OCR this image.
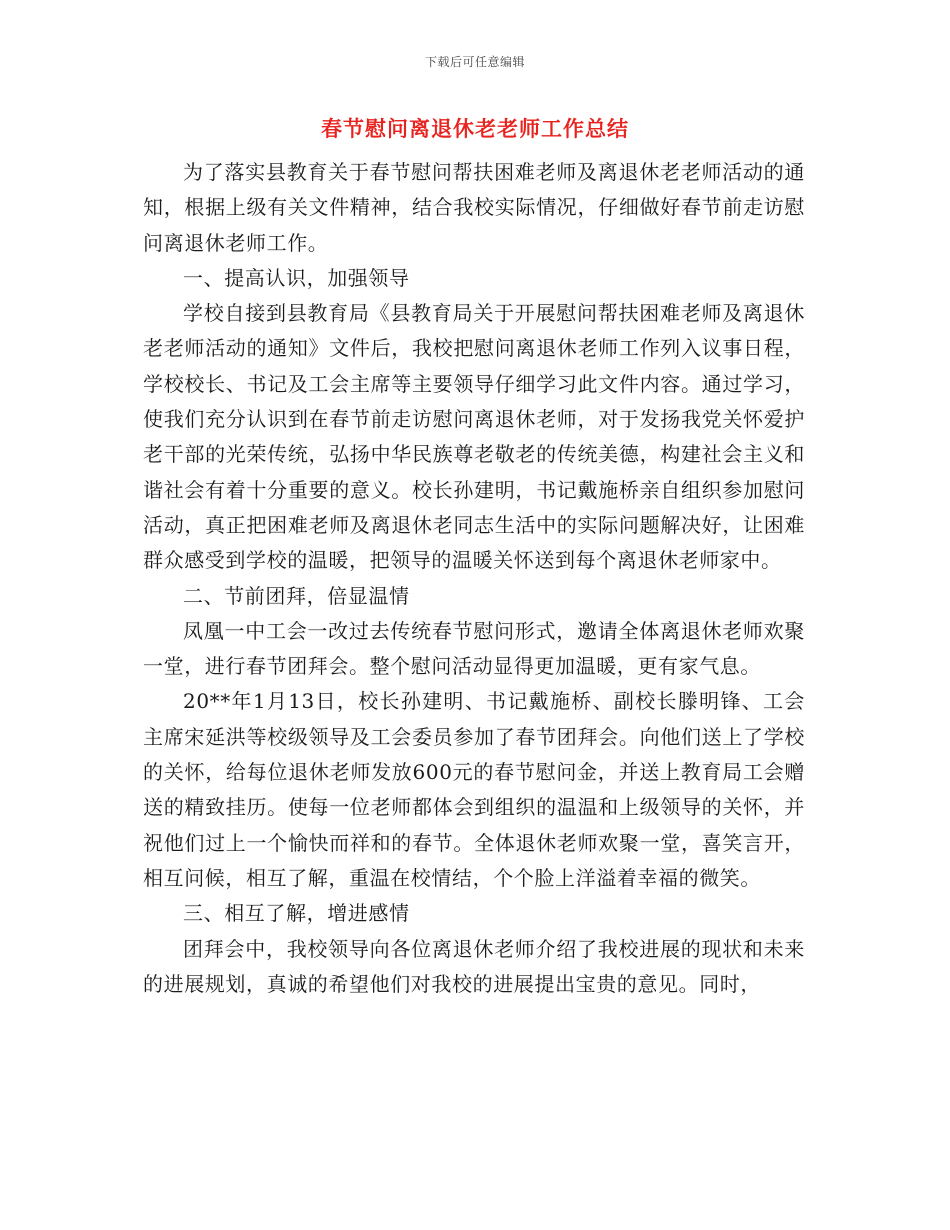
下载后可任意编辑
春节慰问离退休老老师工作总结

为了落实县教育关于春节慰问帮扶困难老师及离退休老老师活动的通知，根据上级有关文件精神，结合我校实际情况，仔细做好春节前走访慰问离退休老师工作。

一、提高认识，加强领导

学校自接到县教育局《县教育局关于开展慰问帮扶困难老师及离退休老老师活动的通知》文件后，我校把慰问离退休老师工作列入议事日程，学校校长、书记及工会主席等主要领导仔细学习此文件内容。通过学习，使我们充分认识到在春节前走访慰问离退休老师，对于发扬我党关怀爱护老干部的光荣传统，弘扬中华民族尊老敬老的传统美德，构建社会主义和谐社会有着十分重要的意义。校长孙建明，书记戴施桥亲自组织参加慰问活动，真正把困难老师及离退休老同志生活中的实际问题解决好，让困难群众感受到学校的温暖，把领导的温暖关怀送到每个离退休老师家中。

二、节前团拜，倍显温情

凤凰一中工会一改过去传统春节慰问形式，邀请全体离退休老师欢聚一堂，进行春节团拜会。整个慰问活动显得更加温暖，更有家气息。

20**年1月13日，校长孙建明、书记戴施桥、副校长滕明锋、工会主席宋延洪等校级领导及工会委员参加了春节团拜会。向他们送上了学校的关怀，给每位退休老师发放600元的春节慰问金，并送上教育局工会赠送的精致挂历。使每一位老师都体会到组织的温温和上级领导的关怀，并祝他们过上一个愉快而祥和的春节。全体退休老师欢聚一堂，喜笑言开，相互问候，相互了解，重温在校情结，个个脸上洋溢着幸福的微笑。

三、相互了解，增进感情

团拜会中，我校领导向各位离退休老师介绍了我校进展的现状和未来的进展规划，真诚的希望他们对我校的进展提出宝贵的意见。同时，
